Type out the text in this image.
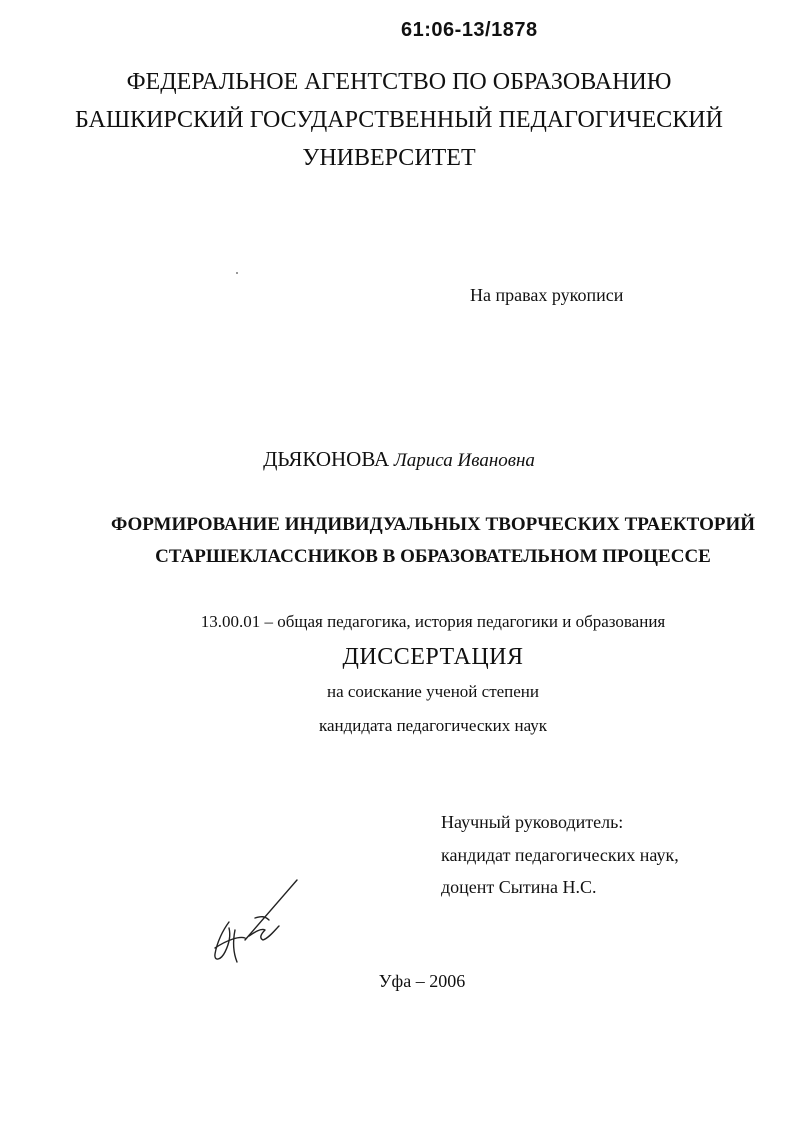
61:06-13/1878
ФЕДЕРАЛЬНОЕ АГЕНТСТВО ПО ОБРАЗОВАНИЮ
БАШКИРСКИЙ ГОСУДАРСТВЕННЫЙ ПЕДАГОГИЧЕСКИЙ
УНИВЕРСИТЕТ
На правах рукописи
ДЬЯКОНОВА Лариса Ивановна
ФОРМИРОВАНИЕ ИНДИВИДУАЛЬНЫХ ТВОРЧЕСКИХ ТРАЕКТОРИЙ
СТАРШЕКЛАССНИКОВ В ОБРАЗОВАТЕЛЬНОМ ПРОЦЕССЕ
13.00.01 – общая педагогика, история педагогики и образования
ДИССЕРТАЦИЯ
на соискание ученой степени
кандидата педагогических наук
Научный руководитель:
кандидат педагогических наук,
доцент Сытина Н.С.
Уфа – 2006
